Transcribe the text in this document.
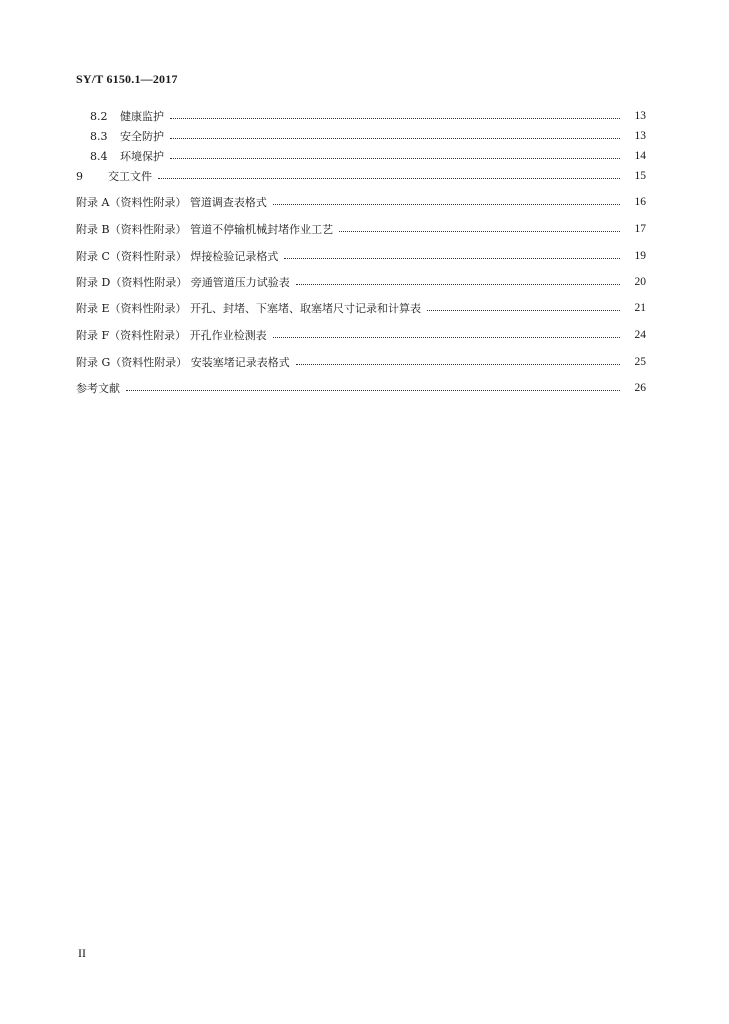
SY/T 6150.1—2017
8.2	健康监护	13
8.3	安全防护	13
8.4	环境保护	14
9	交工文件	15
附录 A（资料性附录） 管道调查表格式	16
附录 B（资料性附录） 管道不停输机械封堵作业工艺	17
附录 C（资料性附录） 焊接检验记录格式	19
附录 D（资料性附录） 旁通管道压力试验表	20
附录 E（资料性附录） 开孔、封堵、下塞堵、取塞堵尺寸记录和计算表	21
附录 F（资料性附录） 开孔作业检测表	24
附录 G（资料性附录） 安装塞堵记录表格式	25
参考文献	26
II
